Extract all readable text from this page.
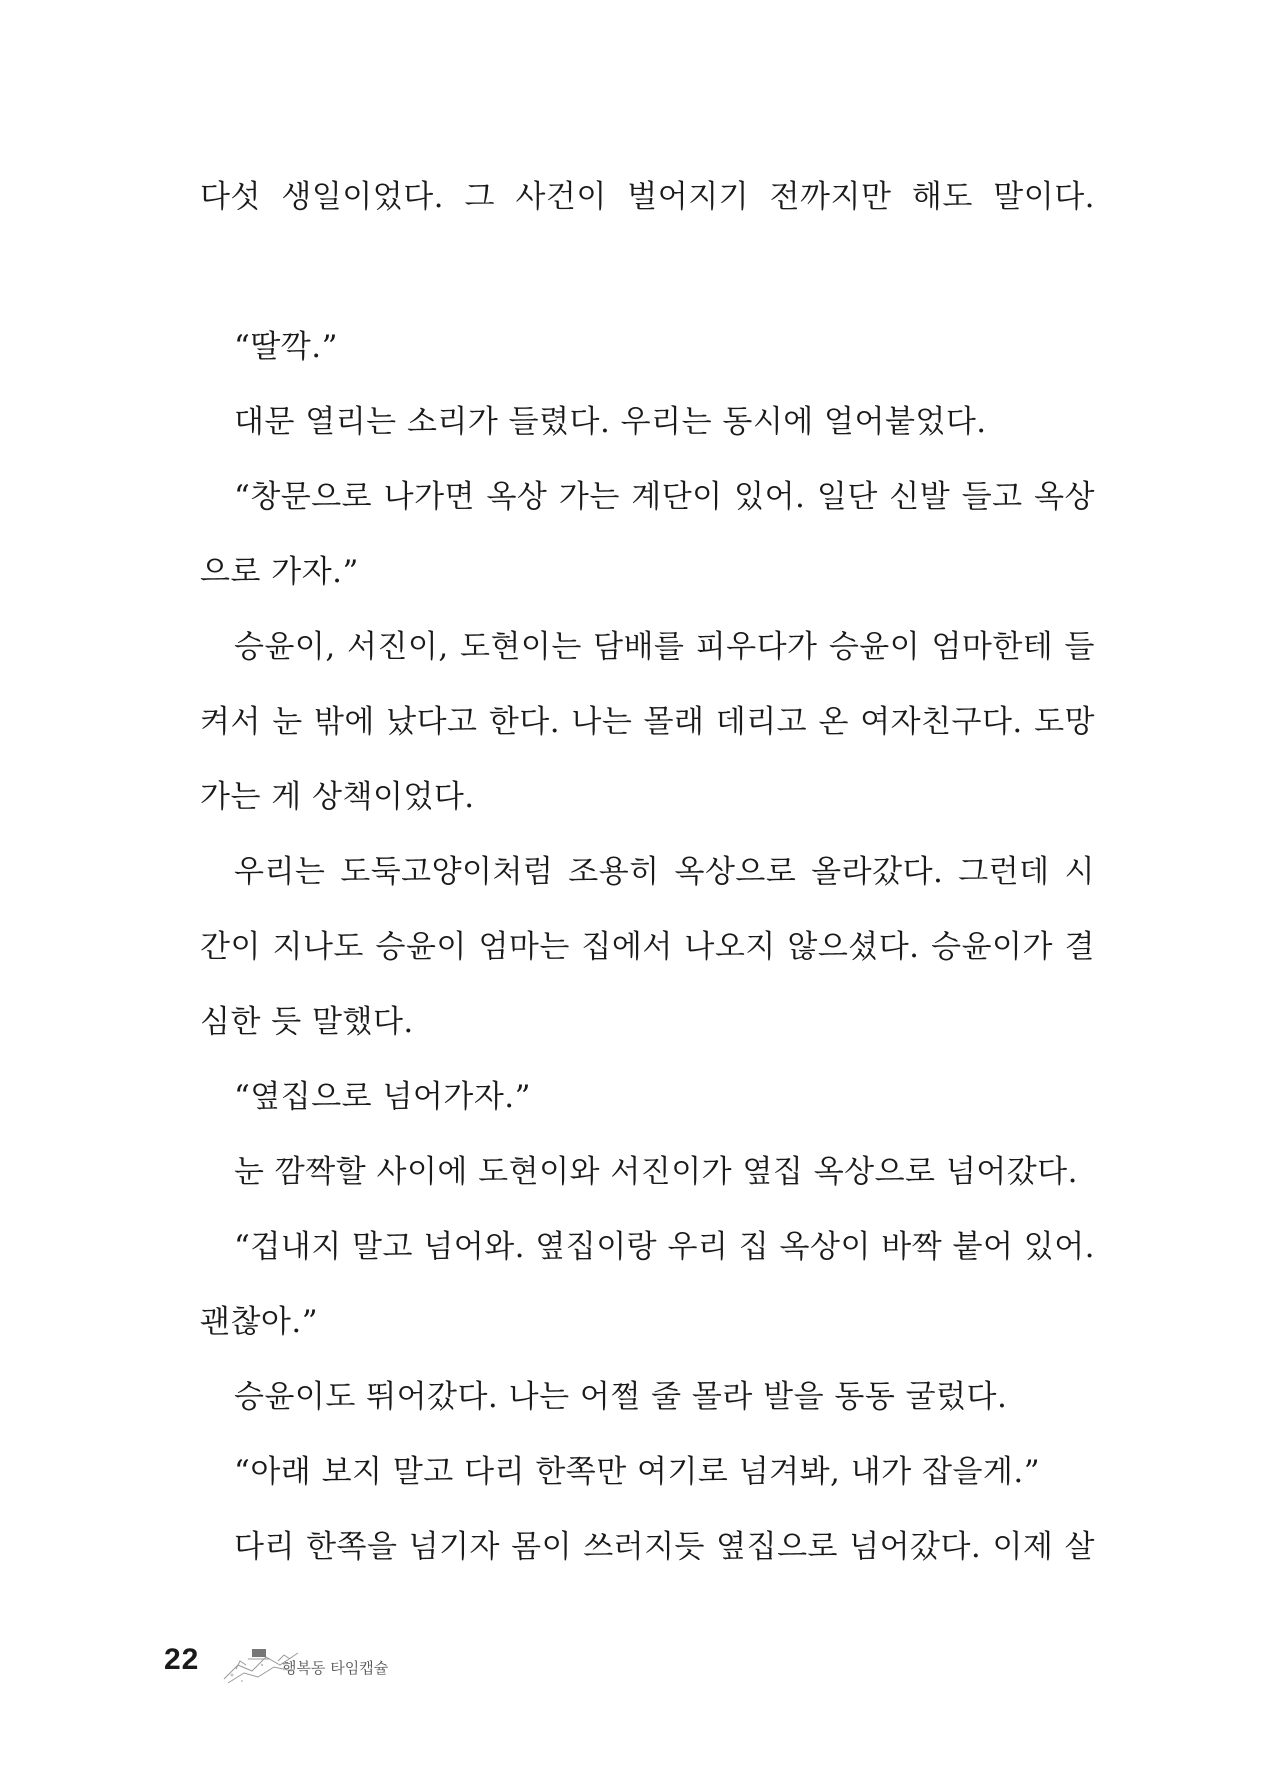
다섯 생일이었다. 그 사건이 벌어지기 전까지만 해도 말이다.
“딸깍.”
대문 열리는 소리가 들렸다. 우리는 동시에 얼어붙었다.
“창문으로 나가면 옥상 가는 계단이 있어. 일단 신발 들고 옥상
으로 가자.”
승윤이, 서진이, 도현이는 담배를 피우다가 승윤이 엄마한테 들
켜서 눈 밖에 났다고 한다. 나는 몰래 데리고 온 여자친구다. 도망
가는 게 상책이었다.
우리는 도둑고양이처럼 조용히 옥상으로 올라갔다. 그런데 시
간이 지나도 승윤이 엄마는 집에서 나오지 않으셨다. 승윤이가 결
심한 듯 말했다.
“옆집으로 넘어가자.”
눈 깜짝할 사이에 도현이와 서진이가 옆집 옥상으로 넘어갔다.
“겁내지 말고 넘어와. 옆집이랑 우리 집 옥상이 바짝 붙어 있어.
괜찮아.”
승윤이도 뛰어갔다. 나는 어쩔 줄 몰라 발을 동동 굴렀다.
“아래 보지 말고 다리 한쪽만 여기로 넘겨봐, 내가 잡을게.”
다리 한쪽을 넘기자 몸이 쓰러지듯 옆집으로 넘어갔다. 이제 살
22	행복동 타임캡슐
